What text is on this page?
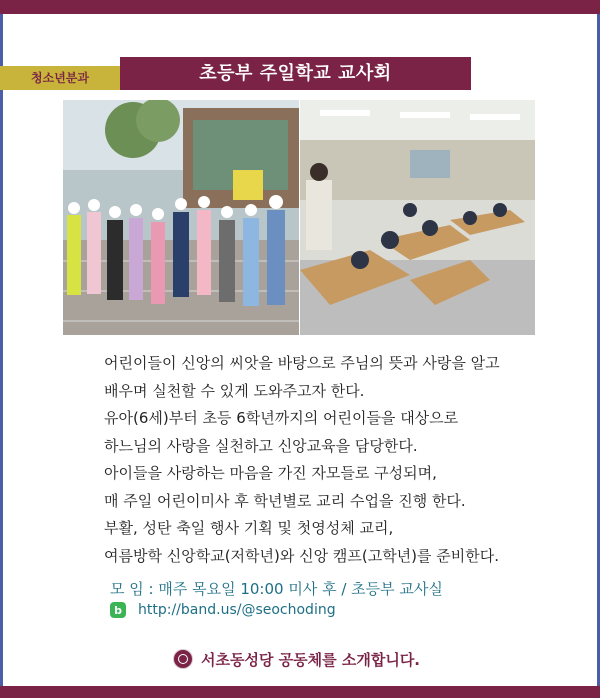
청소년분과	초등부 주일학교 교사회
어린이들이 신앙의 씨앗을 바탕으로 주님의 뜻과 사랑을 알고
배우며 실천할 수 있게 도와주고자 한다.
유아(6세)부터 초등 6학년까지의 어린이들을 대상으로
하느님의 사랑을 실천하고 신앙교육을 담당한다.
아이들을 사랑하는 마음을 가진 자모들로 구성되며,
매 주일 어린이미사 후 학년별로 교리 수업을 진행 한다.
부활, 성탄 축일 행사 기획 및 첫영성체 교리,
여름방학 신앙학교(저학년)와 신앙 캠프(고학년)를 준비한다.
모 임 : 매주 목요일 10:00 미사 후 / 초등부 교사실
b http://band.us/@seochoding
서초동성당 공동체를 소개합니다.
